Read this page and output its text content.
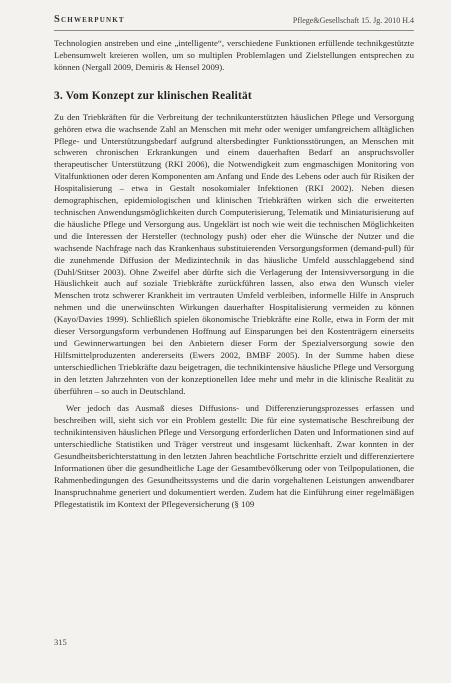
Schwerpunkt	Pflege&Gesellschaft 15. Jg. 2010 H.4

Technologien anstreben und eine „intelligente“, verschiedene Funktionen erfüllende technikgestützte Lebensumwelt kreieren wollen, um so multiplen Problemlagen und Zielstellungen entsprechen zu können (Nergall 2009, Demiris & Hensel 2009).

3. Vom Konzept zur klinischen Realität

Zu den Triebkräften für die Verbreitung der technikunterstützten häuslichen Pflege und Versorgung gehören etwa die wachsende Zahl an Menschen mit mehr oder weniger umfangreichem alltäglichen Pflege- und Unterstützungsbedarf aufgrund altersbedingter Funktionsstörungen, an Menschen mit schweren chronischen Erkrankungen und einem dauerhaften Bedarf an anspruchsvoller therapeutischer Unterstützung (RKI 2006), die Notwendigkeit zum engmaschigen Monitoring von Vitalfunktionen oder deren Komponenten am Anfang und Ende des Lebens oder auch für Risiken der Hospitalisierung – etwa in Gestalt nosokomialer Infektionen (RKI 2002). Neben diesen demographischen, epidemiologischen und klinischen Triebkräften wirken sich die erweiterten technischen Anwendungsmöglichkeiten durch Computerisierung, Telematik und Miniaturisierung auf die häusliche Pflege und Versorgung aus. Ungeklärt ist noch wie weit die technischen Möglichkeiten und die Interessen der Hersteller (technology push) oder eher die Wünsche der Nutzer und die wachsende Nachfrage nach das Krankenhaus substituierenden Versorgungsformen (demand-pull) für die zunehmende Diffusion der Medizintechnik in das häusliche Umfeld ausschlaggebend sind (Duhl/Stitser 2003). Ohne Zweifel aber dürfte sich die Verlagerung der Intensivversorgung in die Häuslichkeit auch auf soziale Triebkräfte zurückführen lassen, also etwa den Wunsch vieler Menschen trotz schwerer Krankheit im vertrauten Umfeld verbleiben, informelle Hilfe in Anspruch nehmen und die unerwünschten Wirkungen dauerhafter Hospitalisierung vermeiden zu können (Kayo/Davies 1999). Schließlich spielen ökonomische Triebkräfte eine Rolle, etwa in Form der mit dieser Versorgungsform verbundenen Hoffnung auf Einsparungen bei den Kostenträgern einerseits und Gewinnerwartungen bei den Anbietern dieser Form der Spezialversorgung sowie den Hilfsmittelproduzenten andererseits (Ewers 2002, BMBF 2005). In der Summe haben diese unterschiedlichen Triebkräfte dazu beigetragen, die technikintensive häusliche Pflege und Versorgung in den letzten Jahrzehnten von der konzeptionellen Idee mehr und mehr in die klinische Realität zu überführen – so auch in Deutschland.

Wer jedoch das Ausmaß dieses Diffusions- und Differenzierungsprozesses erfassen und beschreiben will, sieht sich vor ein Problem gestellt: Die für eine systematische Beschreibung der technikintensiven häuslichen Pflege und Versorgung erforderlichen Daten und Informationen sind auf unterschiedliche Statistiken und Träger verstreut und insgesamt lückenhaft. Zwar konnten in der Gesundheitsberichterstattung in den letzten Jahren beachtliche Fortschritte erzielt und differenziertere Informationen über die gesundheitliche Lage der Gesamtbevölkerung oder von Teilpopulationen, die Rahmenbedingungen des Gesundheitssystems und die darin vorgehaltenen Leistungen anwendbarer Inanspruchnahme generiert und dokumentiert werden. Zudem hat die Einführung einer regelmäßigen Pflegestatistik im Kontext der Pflegeversicherung (§ 109

315
